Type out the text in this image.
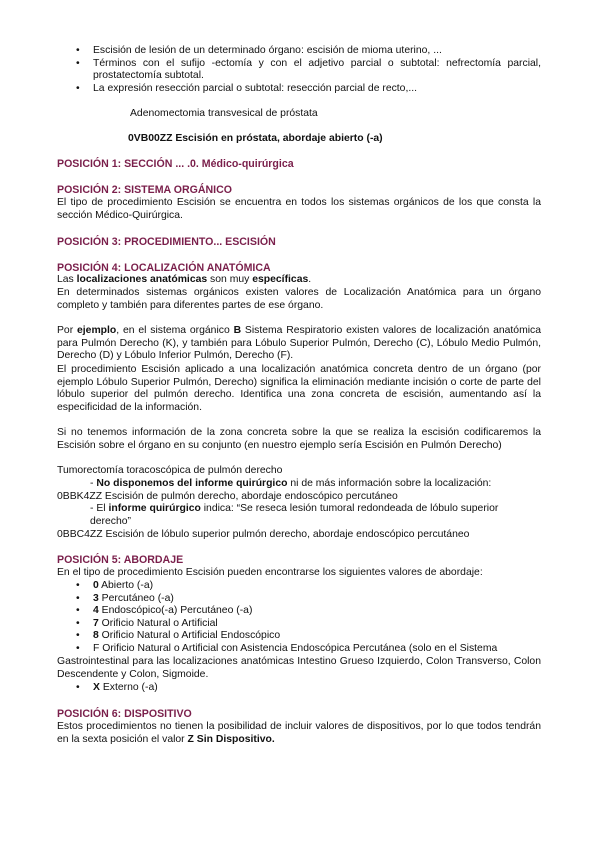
• Escisión de lesión de un determinado órgano: escisión de mioma uterino, ...
• Términos con el sufijo -ectomía y con el adjetivo parcial o subtotal: nefrectomía parcial, prostatectomía subtotal.
• La expresión resección parcial o subtotal: resección parcial de recto,...
Adenomectomia transvesical de próstata
0VB00ZZ Escisión en próstata, abordaje abierto (-a)
POSICIÓN 1: SECCIÓN ... .0. Médico-quirúrgica
POSICIÓN 2: SISTEMA ORGÁNICO
El tipo de procedimiento Escisión se encuentra en todos los sistemas orgánicos de los que consta la sección Médico-Quirúrgica.
POSICIÓN 3: PROCEDIMIENTO... ESCISIÓN
POSICIÓN 4: LOCALIZACIÓN ANATÓMICA
Las localizaciones anatómicas son muy específicas.
En determinados sistemas orgánicos existen valores de Localización Anatómica para un órgano completo y también para diferentes partes de ese órgano.
Por ejemplo, en el sistema orgánico B Sistema Respiratorio existen valores de localización anatómica para Pulmón Derecho (K), y también para Lóbulo Superior Pulmón, Derecho (C), Lóbulo Medio Pulmón, Derecho (D) y Lóbulo Inferior Pulmón, Derecho (F).
El procedimiento Escisión aplicado a una localización anatómica concreta dentro de un órgano (por ejemplo Lóbulo Superior Pulmón, Derecho) significa la eliminación mediante incisión o corte de parte del lóbulo superior del pulmón derecho. Identifica una zona concreta de escisión, aumentando así la especificidad de la información.
Si no tenemos información de la zona concreta sobre la que se realiza la escisión codificaremos la Escisión sobre el órgano en su conjunto (en nuestro ejemplo sería Escisión en Pulmón Derecho)
Tumorectomía toracoscópica de pulmón derecho
- No disponemos del informe quirúrgico ni de más información sobre la localización:
0BBK4ZZ Escisión de pulmón derecho, abordaje endoscópico percutáneo
- El informe quirúrgico indica: “Se reseca lesión tumoral redondeada de lóbulo superior derecho”
0BBC4ZZ Escisión de lóbulo superior pulmón derecho, abordaje endoscópico percutáneo
POSICIÓN 5: ABORDAJE
En el tipo de procedimiento Escisión pueden encontrarse los siguientes valores de abordaje:
• 0 Abierto (-a)
• 3 Percutáneo (-a)
• 4 Endoscópico(-a) Percutáneo (-a)
• 7 Orificio Natural o Artificial
• 8 Orificio Natural o Artificial Endoscópico
• F Orificio Natural o Artificial con Asistencia Endoscópica Percutánea (solo en el Sistema
Gastrointestinal para las localizaciones anatómicas Intestino Grueso Izquierdo, Colon Transverso, Colon Descendente y Colon, Sigmoide.
• X Externo (-a)
POSICIÓN 6: DISPOSITIVO
Estos procedimientos no tienen la posibilidad de incluir valores de dispositivos, por lo que todos tendrán en la sexta posición el valor Z Sin Dispositivo.
